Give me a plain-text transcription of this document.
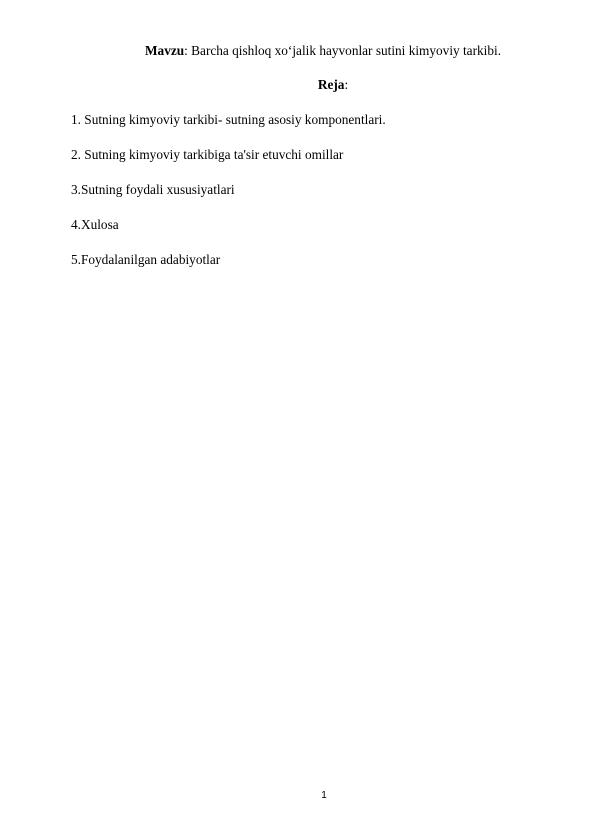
Mavzu: Barcha qishloq xo‘jalik hayvonlar sutini kimyoviy tarkibi.
Reja:
1. Sutning kimyoviy tarkibi- sutning asosiy komponentlari.
2. Sutning kimyoviy tarkibiga ta'sir etuvchi omillar
3.Sutning foydali xususiyatlari
4.Xulosa
5.Foydalanilgan adabiyotlar
1
